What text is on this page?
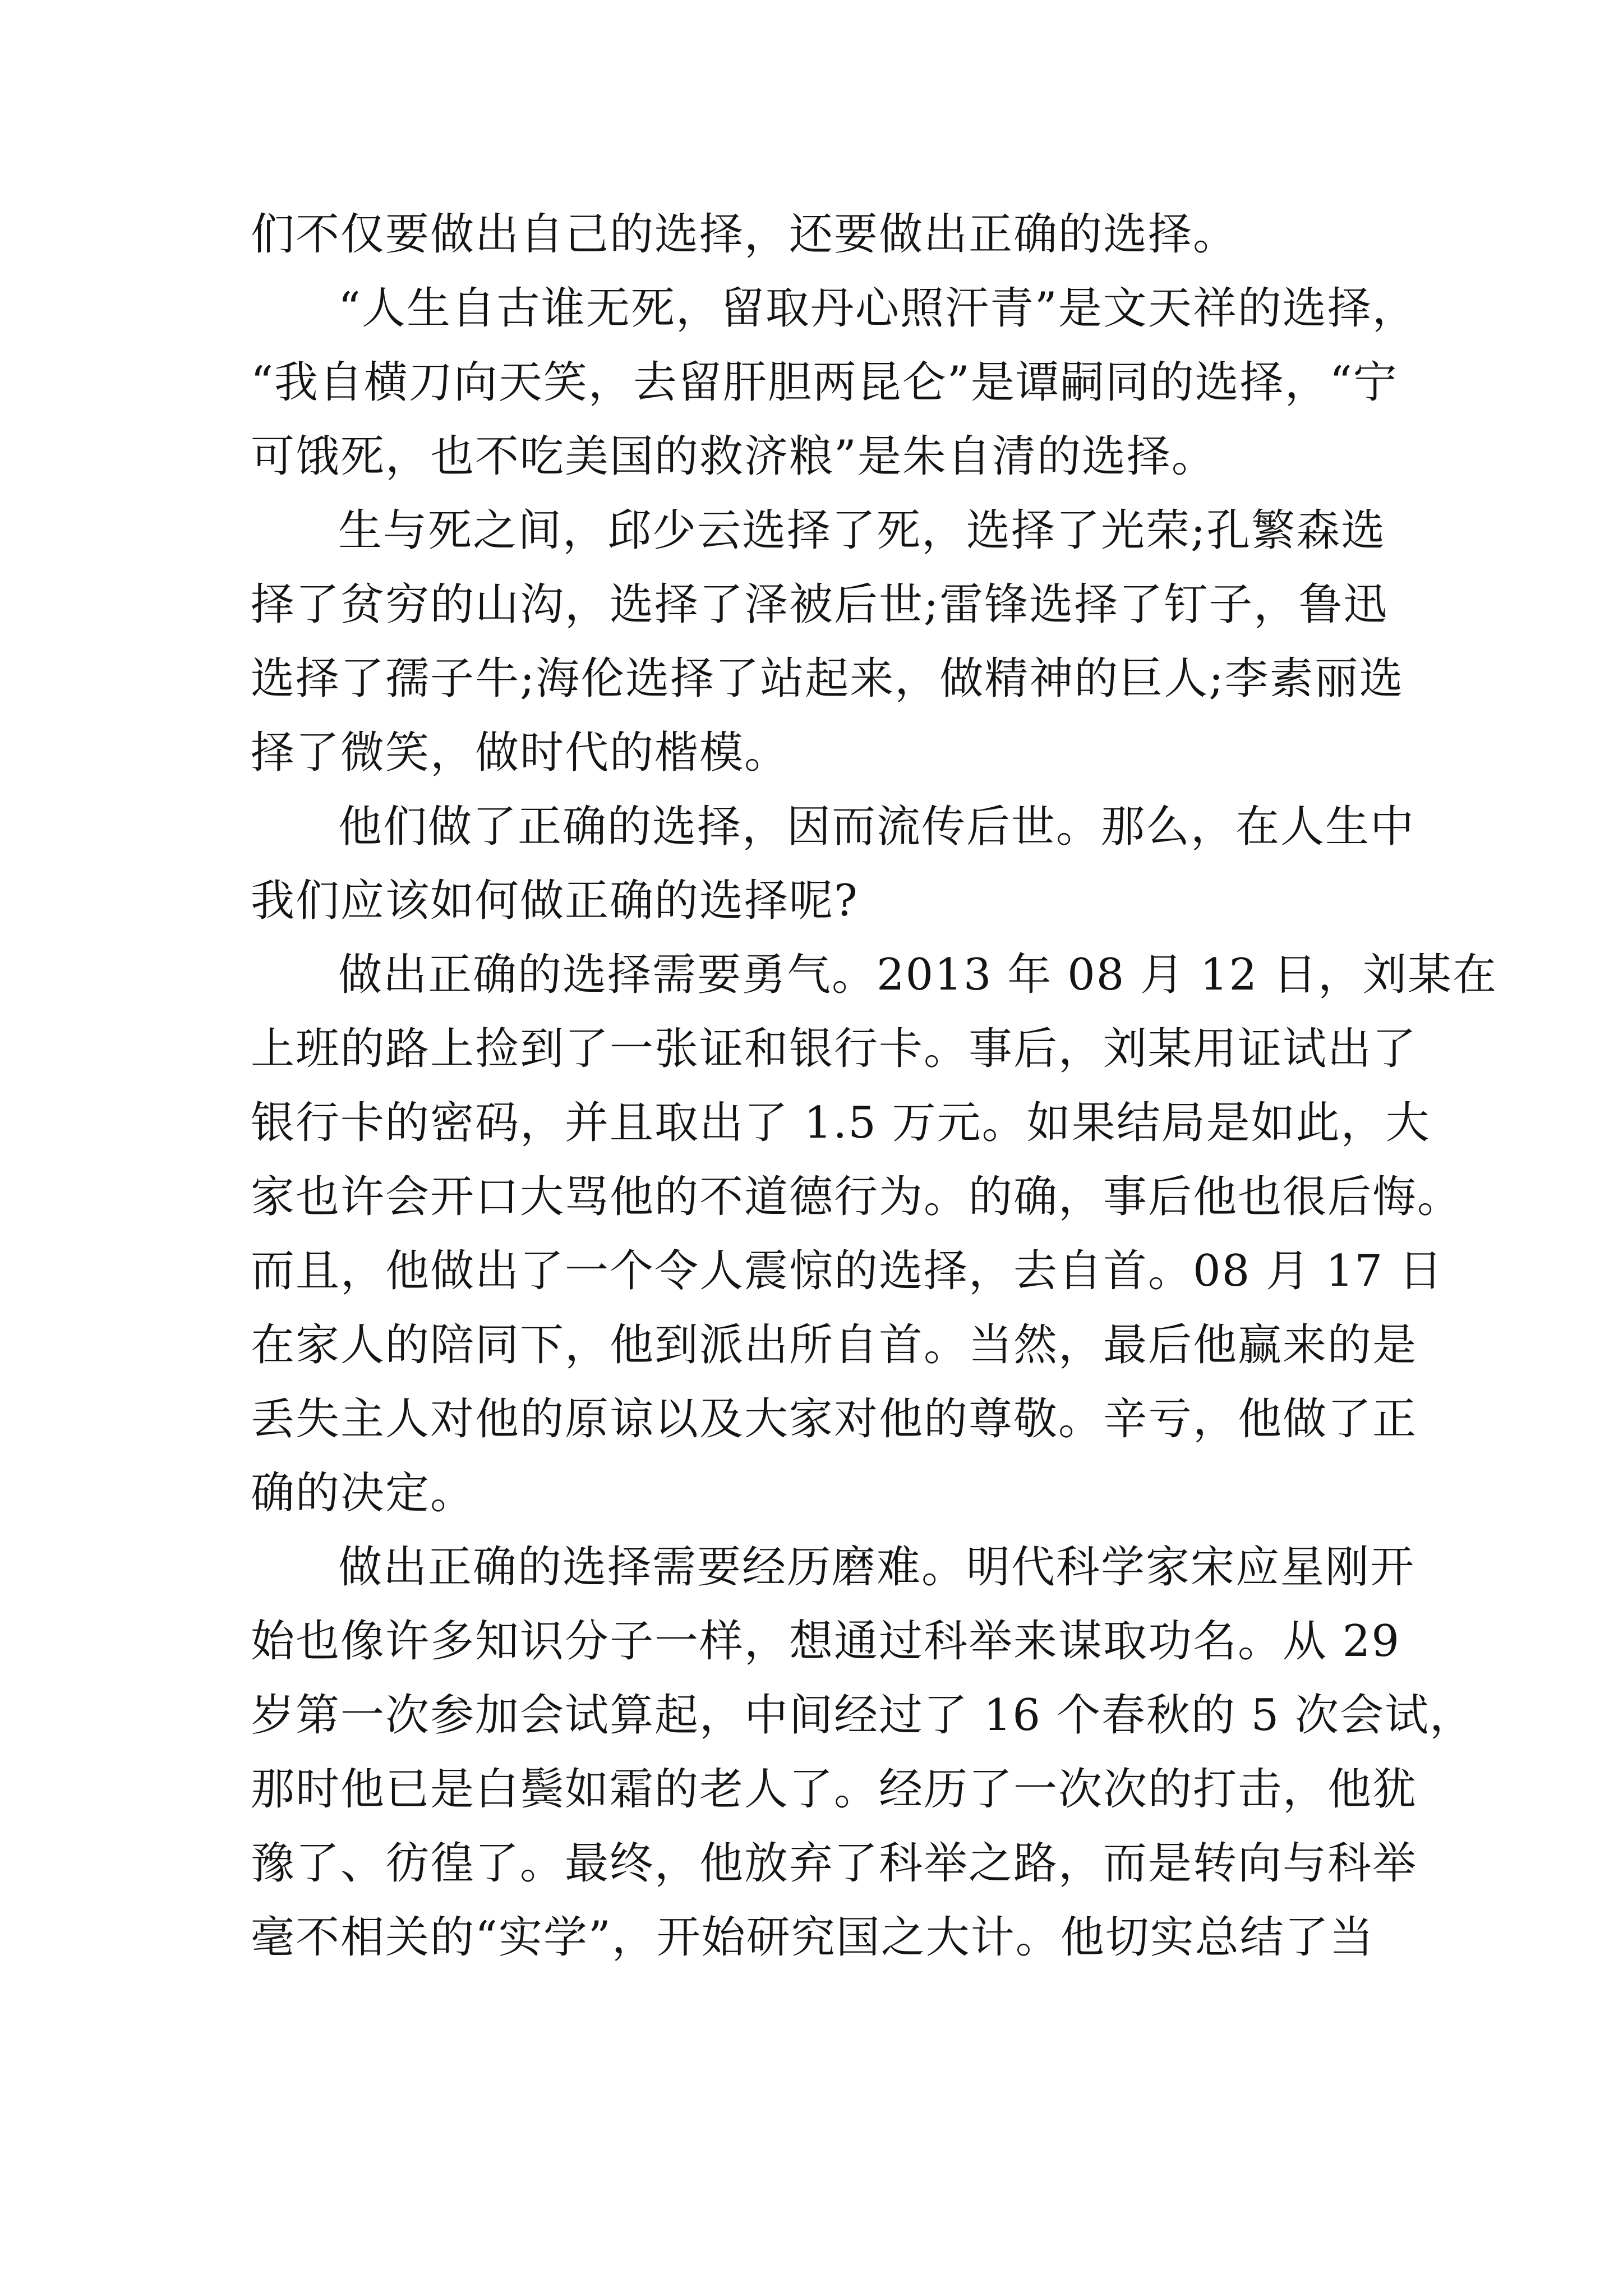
们不仅要做出自己的选择，还要做出正确的选择。
“人生自古谁无死，留取丹心照汗青”是文天祥的选择，
“我自横刀向天笑，去留肝胆两昆仑”是谭嗣同的选择，“宁
可饿死，也不吃美国的救济粮”是朱自清的选择。
生与死之间，邱少云选择了死，选择了光荣;孔繁森选
择了贫穷的山沟，选择了泽被后世;雷锋选择了钉子，鲁迅
选择了孺子牛;海伦选择了站起来，做精神的巨人;李素丽选
择了微笑，做时代的楷模。
他们做了正确的选择，因而流传后世。那么，在人生中
我们应该如何做正确的选择呢?
做出正确的选择需要勇气。2013 年 08 月 12 日，刘某在
上班的路上捡到了一张证和银行卡。事后，刘某用证试出了
银行卡的密码，并且取出了 1.5 万元。如果结局是如此，大
家也许会开口大骂他的不道德行为。的确，事后他也很后悔。
而且，他做出了一个令人震惊的选择，去自首。08 月 17 日
在家人的陪同下，他到派出所自首。当然，最后他赢来的是
丢失主人对他的原谅以及大家对他的尊敬。辛亏，他做了正
确的决定。
做出正确的选择需要经历磨难。明代科学家宋应星刚开
始也像许多知识分子一样，想通过科举来谋取功名。从 29
岁第一次参加会试算起，中间经过了 16 个春秋的 5 次会试，
那时他已是白鬓如霜的老人了。经历了一次次的打击，他犹
豫了、彷徨了。最终，他放弃了科举之路，而是转向与科举
毫不相关的“实学”，开始研究国之大计。他切实总结了当
